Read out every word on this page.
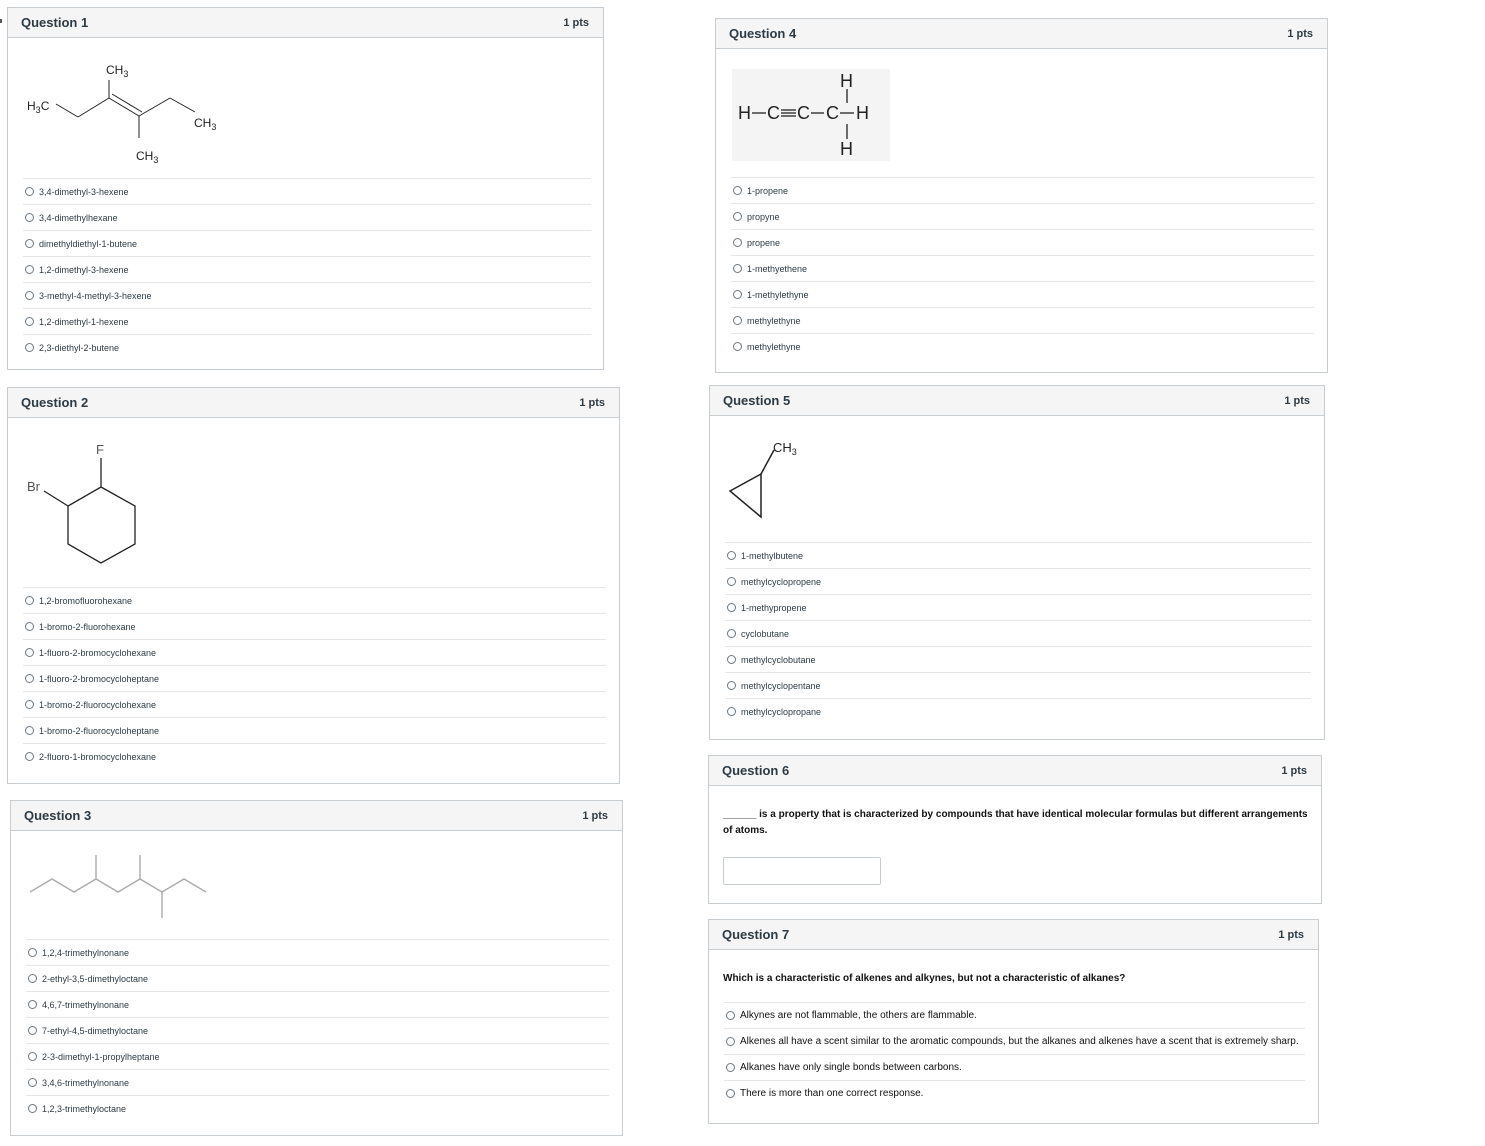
Question 1	1 pts
$CH_3$
$H_3C$
$CH_3$
$CH_3$
3,4-dimethyl-3-hexene
3,4-dimethylhexane
dimethyldiethyl-1-butene
1,2-dimethyl-3-hexene
3-methyl-4-methyl-3-hexene
1,2-dimethyl-1-hexene
2,3-diethyl-2-butene
Question 2	1 pts
F
Br
1,2-bromofluorohexane
1-bromo-2-fluorohexane
1-fluoro-2-bromocyclohexane
1-fluoro-2-bromocycloheptane
1-bromo-2-fluorocyclohexane
1-bromo-2-fluorocycloheptane
2-fluoro-1-bromocyclohexane
Question 3	1 pts
1,2,4-trimethylnonane
2-ethyl-3,5-dimethyloctane
4,6,7-trimethylnonane
7-ethyl-4,5-dimethyloctane
2-3-dimethyl-1-propylheptane
3,4,6-trimethylnonane
1,2,3-trimethyloctane
Question 4	1 pts
H
H C C C H
H
1-propene
propyne
propene
1-methyethene
1-methylethyne
methylethyne
methylethyne
Question 5	1 pts
$CH_3$
1-methylbutene
methylcyclopropene
1-methypropene
cyclobutane
methylcyclobutane
methylcyclopentane
methylcyclopropane
Question 6	1 pts
______ is a property that is characterized by compounds that have identical molecular formulas but different arrangements
of atoms.
Question 7	1 pts
Which is a characteristic of alkenes and alkynes, but not a characteristic of alkanes?
Alkynes are not flammable, the others are flammable.
Alkenes all have a scent similar to the aromatic compounds, but the alkanes and alkenes have a scent that is extremely sharp.
Alkanes have only single bonds between carbons.
There is more than one correct response.
